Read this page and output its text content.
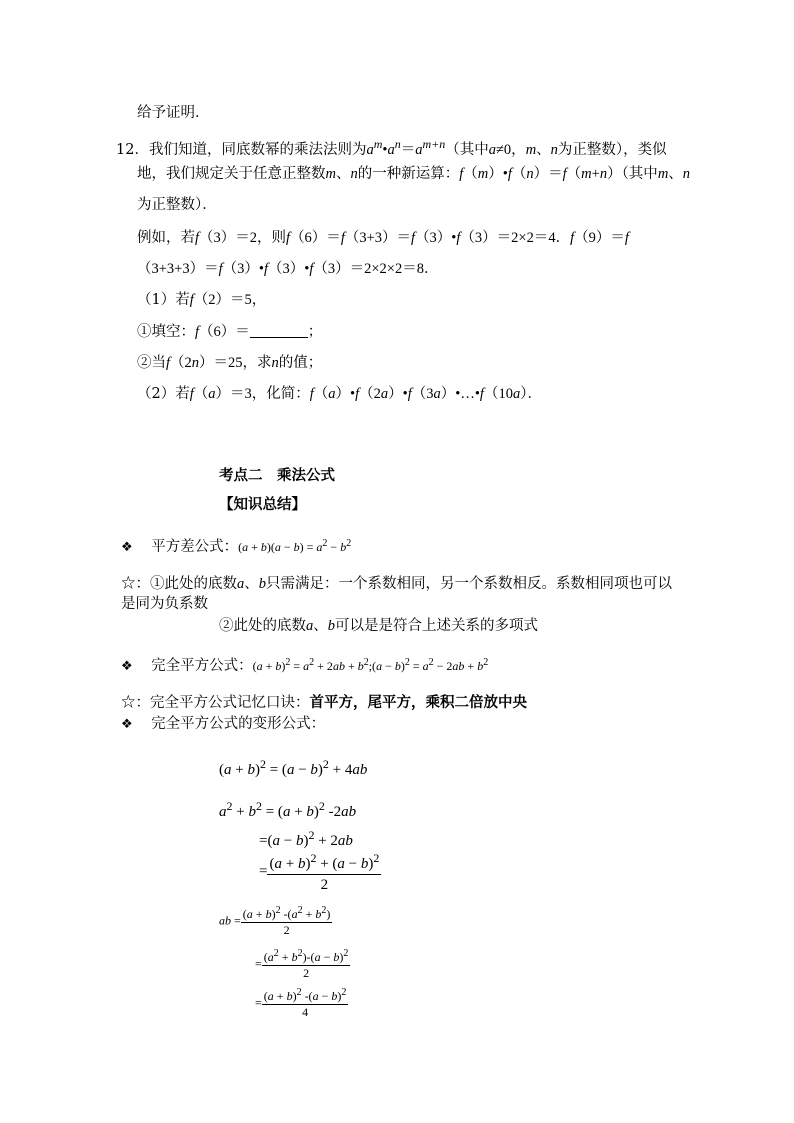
给予证明．
12．我们知道，同底数幂的乘法法则为$a^m•a^n=a^{m+n}$（其中a≠0，m、n为正整数），类似
地，我们规定关于任意正整数m、n的一种新运算：f（m）•f（n）＝f（m+n）（其中m、n
为正整数）．
例如，若f（3）＝2，则f（6）＝f（3+3）＝f（3）•f（3）＝2×2＝4．f（9）＝f
（3+3+3）＝f（3）•f（3）•f（3）＝2×2×2＝8．
（1）若f（2）＝5，
①填空：f（6）＝	；
②当f（2n）＝25，求n的值；
（2）若f（a）＝3，化简：f（a）•f（2a）•f（3a）•…•f（10a）．
考点二　乘法公式
【知识总结】
❖ 平方差公式：$(a + b)(a - b) = a^2 - b^2$
☆：①此处的底数a、b只需满足：一个系数相同，另一个系数相反。系数相同项也可以
是同为负系数
②此处的底数a、b可以是是符合上述关系的多项式
❖ 完全平方公式：$(a + b)^2 = a^2 + 2ab$ + $b^2;(a - b)^2 = a^2 - 2ab + b^2$
☆：完全平方公式记忆口诀：首平方，尾平方，乘积二倍放中央
❖ 完全平方公式的变形公式：
$(a + b)^2 = (a - b)^2 + 4ab$
$a^2 + b^2 = (a + b)^2$ -2ab
$=(a - b)^2 + 2ab$
= $\frac{(a + b)^2 + (a - b)^2}{2}$
ab = $\frac{(a + b)^2 -(a^2 + b^2)}{2}$
= $\frac{(a^2 + b^2)-(a - b)^2}{2}$
= $\frac{(a + b)^2 -(a - b)^2}{4}$
